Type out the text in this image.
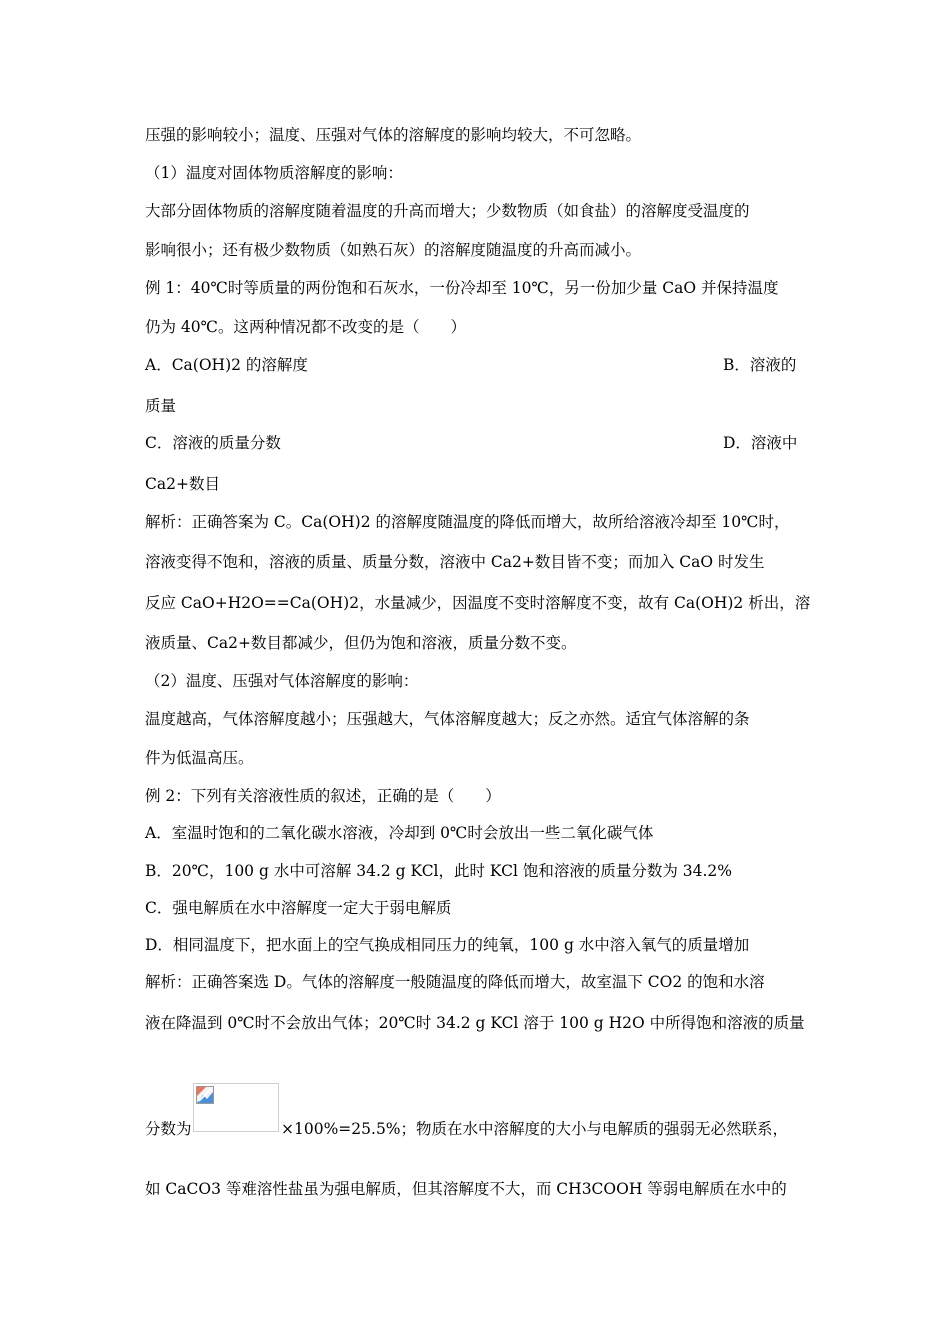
压强的影响较小；温度、压强对气体的溶解度的影响均较大，不可忽略。
（1）温度对固体物质溶解度的影响：
大部分固体物质的溶解度随着温度的升高而增大；少数物质（如食盐）的溶解度受温度的
影响很小；还有极少数物质（如熟石灰）的溶解度随温度的升高而减小。
例 1：40℃时等质量的两份饱和石灰水，一份冷却至 10℃，另一份加少量 CaO 并保持温度
仍为 40℃。这两种情况都不改变的是（　　）
A．Ca(OH)2 的溶解度	B．溶液的
质量
C．溶液的质量分数	D．溶液中
Ca2+数目
解析：正确答案为 C。Ca(OH)2 的溶解度随温度的降低而增大，故所给溶液冷却至 10℃时，
溶液变得不饱和，溶液的质量、质量分数，溶液中 Ca2+数目皆不变；而加入 CaO 时发生
反应 CaO+H2O==Ca(OH)2，水量减少，因温度不变时溶解度不变，故有 Ca(OH)2 析出，溶
液质量、Ca2+数目都减少，但仍为饱和溶液，质量分数不变。
（2）温度、压强对气体溶解度的影响：
温度越高，气体溶解度越小；压强越大，气体溶解度越大；反之亦然。适宜气体溶解的条
件为低温高压。
例 2：下列有关溶液性质的叙述，正确的是（　　）
A．室温时饱和的二氧化碳水溶液，冷却到 0℃时会放出一些二氧化碳气体
B．20℃，100 g 水中可溶解 34.2 g KCl，此时 KCl 饱和溶液的质量分数为 34.2%
C．强电解质在水中溶解度一定大于弱电解质
D．相同温度下，把水面上的空气换成相同压力的纯氧，100 g 水中溶入氧气的质量增加
解析：正确答案选 D。气体的溶解度一般随温度的降低而增大，故室温下 CO2 的饱和水溶
液在降温到 0℃时不会放出气体；20℃时 34.2 g KCl 溶于 100 g H2O 中所得饱和溶液的质量
分数为	×100%=25.5%；物质在水中溶解度的大小与电解质的强弱无必然联系，
如 CaCO3 等难溶性盐虽为强电解质，但其溶解度不大，而 CH3COOH 等弱电解质在水中的
